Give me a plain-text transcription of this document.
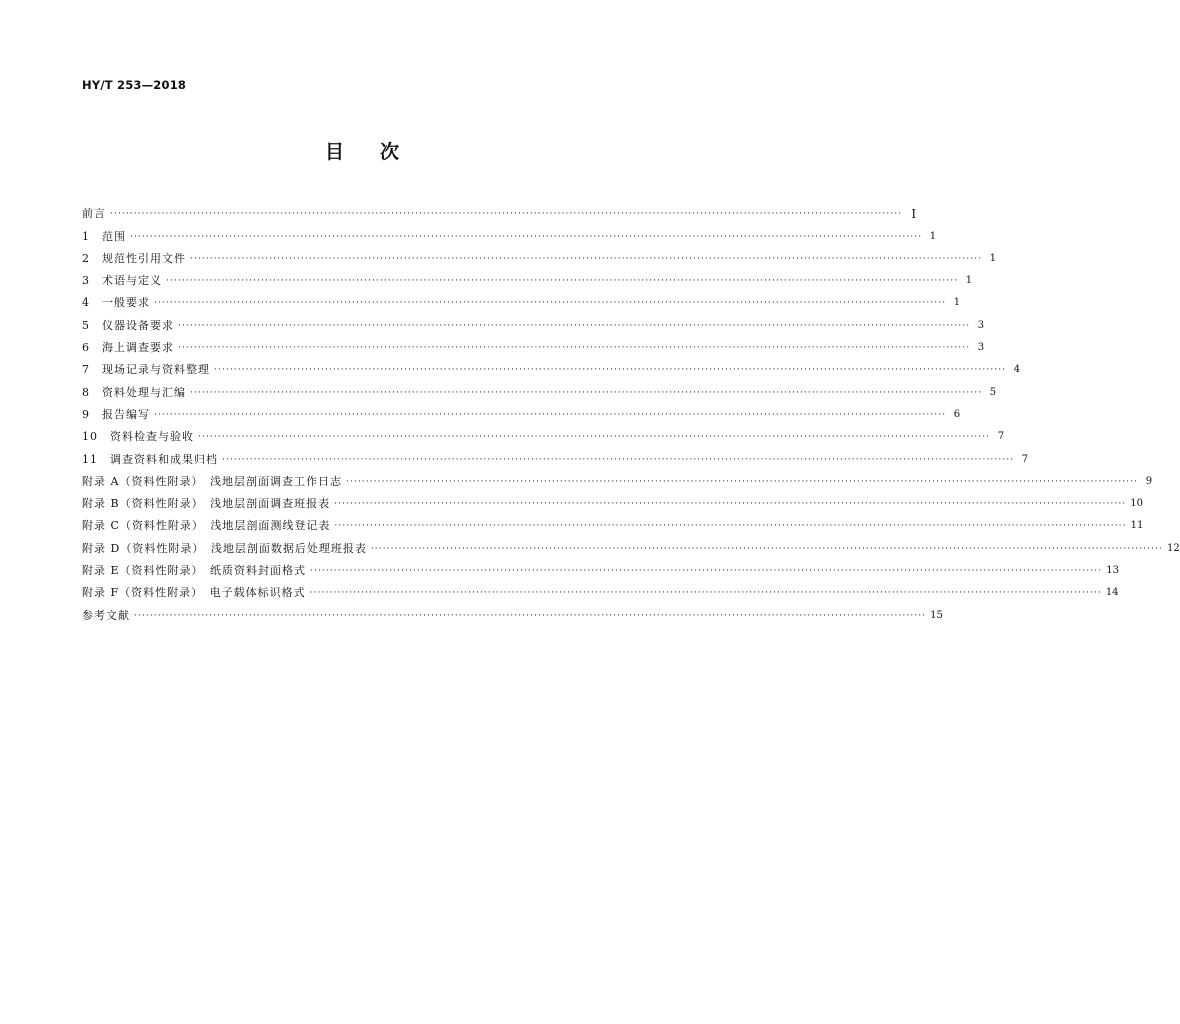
HY/T 253—2018
目次
前言 ········································································································································································································ I
1　范围 ········································································································································································································ 1
2　规范性引用文件 ········································································································································································································ 1
3　术语与定义 ········································································································································································································ 1
4　一般要求 ········································································································································································································ 1
5　仪器设备要求 ········································································································································································································ 3
6　海上调查要求 ········································································································································································································ 3
7　现场记录与资料整理 ········································································································································································································ 4
8　资料处理与汇编 ········································································································································································································ 5
9　报告编写 ········································································································································································································ 6
10　资料检查与验收 ········································································································································································································ 7
11　调查资料和成果归档 ········································································································································································································ 7
附录 A（资料性附录）　浅地层剖面调查工作日志 ········································································································································································································ 9
附录 B（资料性附录）　浅地层剖面调查班报表 ········································································································································································································ 10
附录 C（资料性附录）　浅地层剖面测线登记表 ········································································································································································································ 11
附录 D（资料性附录）　浅地层剖面数据后处理班报表 ········································································································································································································ 12
附录 E（资料性附录）　纸质资料封面格式 ········································································································································································································ 13
附录 F（资料性附录）　电子载体标识格式 ········································································································································································································ 14
参考文献 ········································································································································································································ 15
